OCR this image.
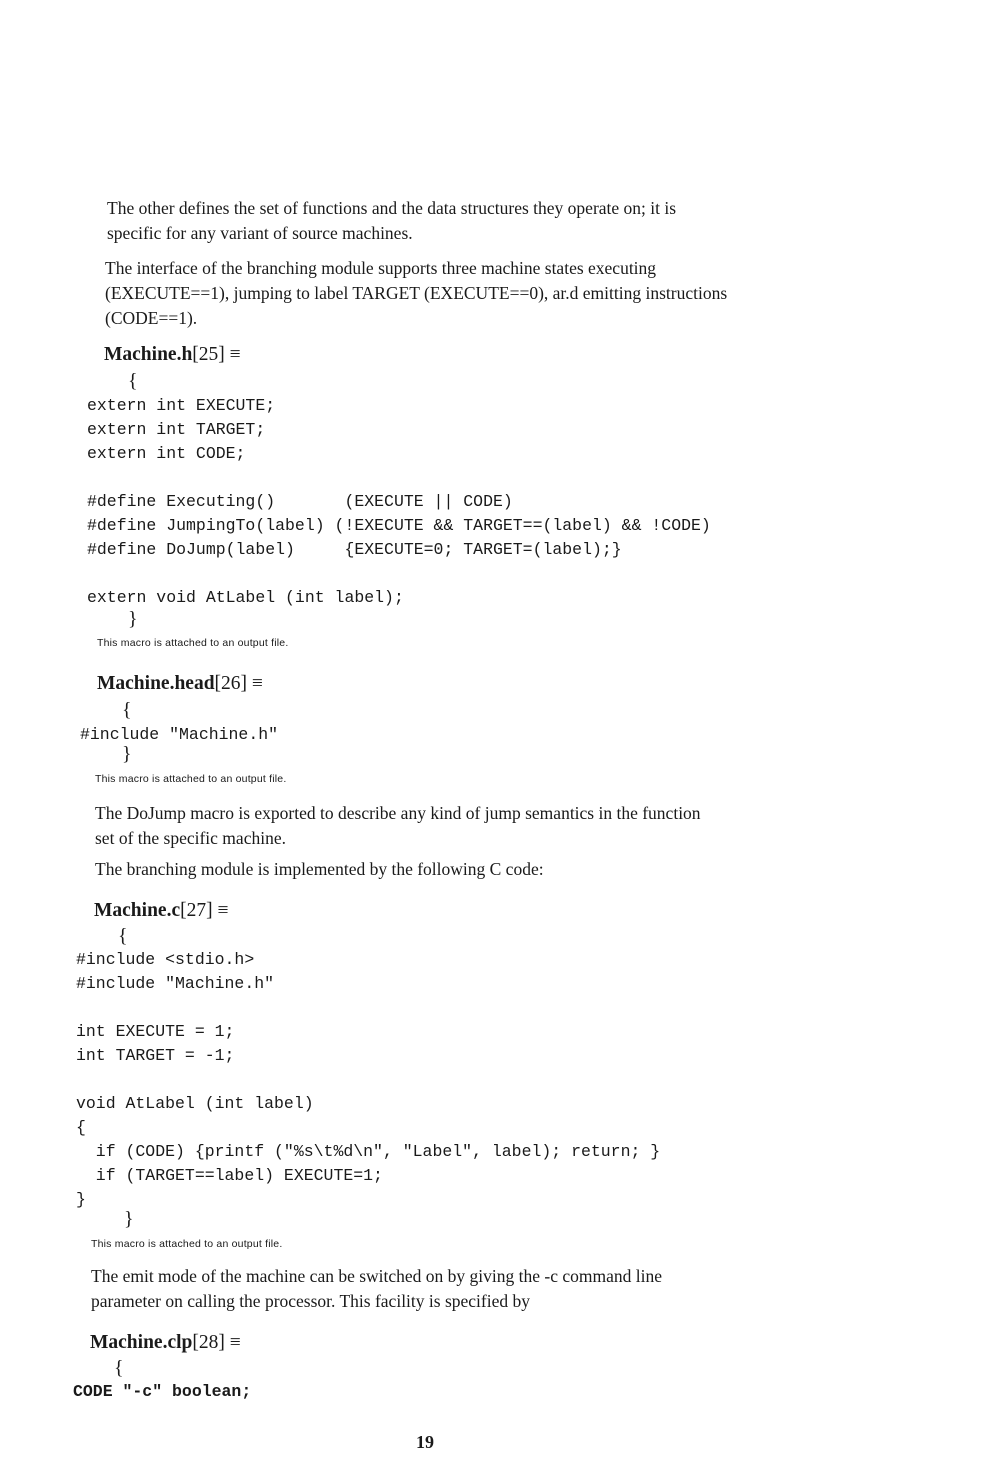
The other defines the set of functions and the data structures they operate on; it is
specific for any variant of source machines.

The interface of the branching module supports three machine states executing
(EXECUTE==1), jumping to label TARGET (EXECUTE==0), ar.d emitting instructions
(CODE==1).

Machine.h[25] ≡
{
extern int EXECUTE;
extern int TARGET;
extern int CODE;
#define Executing()       (EXECUTE || CODE)
#define JumpingTo(label) (!EXECUTE && TARGET==(label) && !CODE)
#define DoJump(label)     {EXECUTE=0; TARGET=(label);}
extern void AtLabel (int label);
}
This macro is attached to an output file.
Machine.head[26] ≡
{
#include "Machine.h"
}
This macro is attached to an output file.

The DoJump macro is exported to describe any kind of jump semantics in the function
set of the specific machine.

The branching module is implemented by the following C code:

Machine.c[27] ≡
{
#include <stdio.h>
#include "Machine.h"
int EXECUTE = 1;
int TARGET = -1;
void AtLabel (int label)
{
if (CODE) {printf ("%s\t%d\n", "Label", label); return; }
if (TARGET==label) EXECUTE=1;
}
}
This macro is attached to an output file.

The emit mode of the machine can be switched on by giving the -c command line
parameter on calling the processor. This facility is specified by

Machine.clp[28] ≡
{
CODE "-c" boolean;
19
